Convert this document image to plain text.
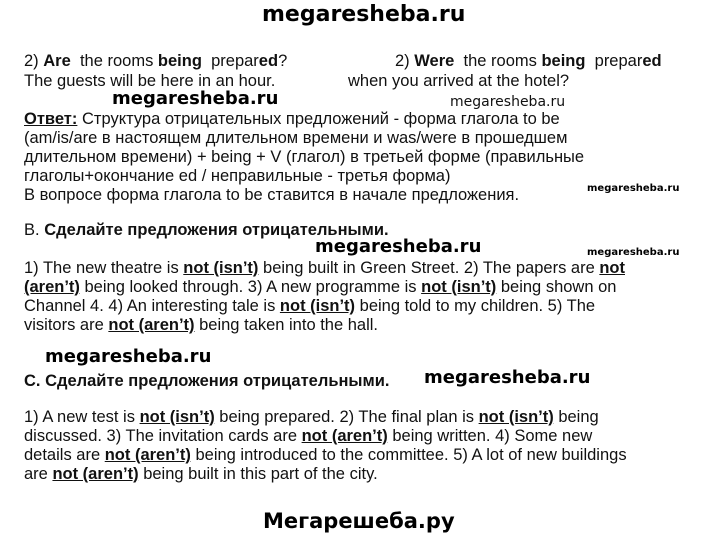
megaresheba.ru
2) Are the rooms being prepared?
The guests will be here in an hour.
2) Were the rooms being prepared
when you arrived at the hotel?
megaresheba.ru	megaresheba.ru
Ответ: Структура отрицательных предложений - форма глагола to be
(am/is/are в настоящем длительном времени и was/were в прошедшем
длительном времени) + being + V (глагол) в третьей форме (правильные
глаголы+окончание ed / неправильные - третья форма)
В вопросе форма глагола to be ставится в начале предложения.	megaresheba.ru
B. Сделайте предложения отрицательными.
megaresheba.ru	megaresheba.ru
1) The new theatre is not (isn’t) being built in Green Street. 2) The papers are not
(aren’t) being looked through. 3) A new programme is not (isn’t) being shown on
Channel 4. 4) An interesting tale is not (isn’t) being told to my children. 5) The
visitors are not (aren’t) being taken into the hall.
megaresheba.ru
C. Сделайте предложения отрицательными. megaresheba.ru
1) A new test is not (isn’t) being prepared. 2) The final plan is not (isn’t) being
discussed. 3) The invitation cards are not (aren’t) being written. 4) Some new
details are not (aren’t) being introduced to the committee. 5) A lot of new buildings
are not (aren’t) being built in this part of the city.
Мегарешеба.ру
